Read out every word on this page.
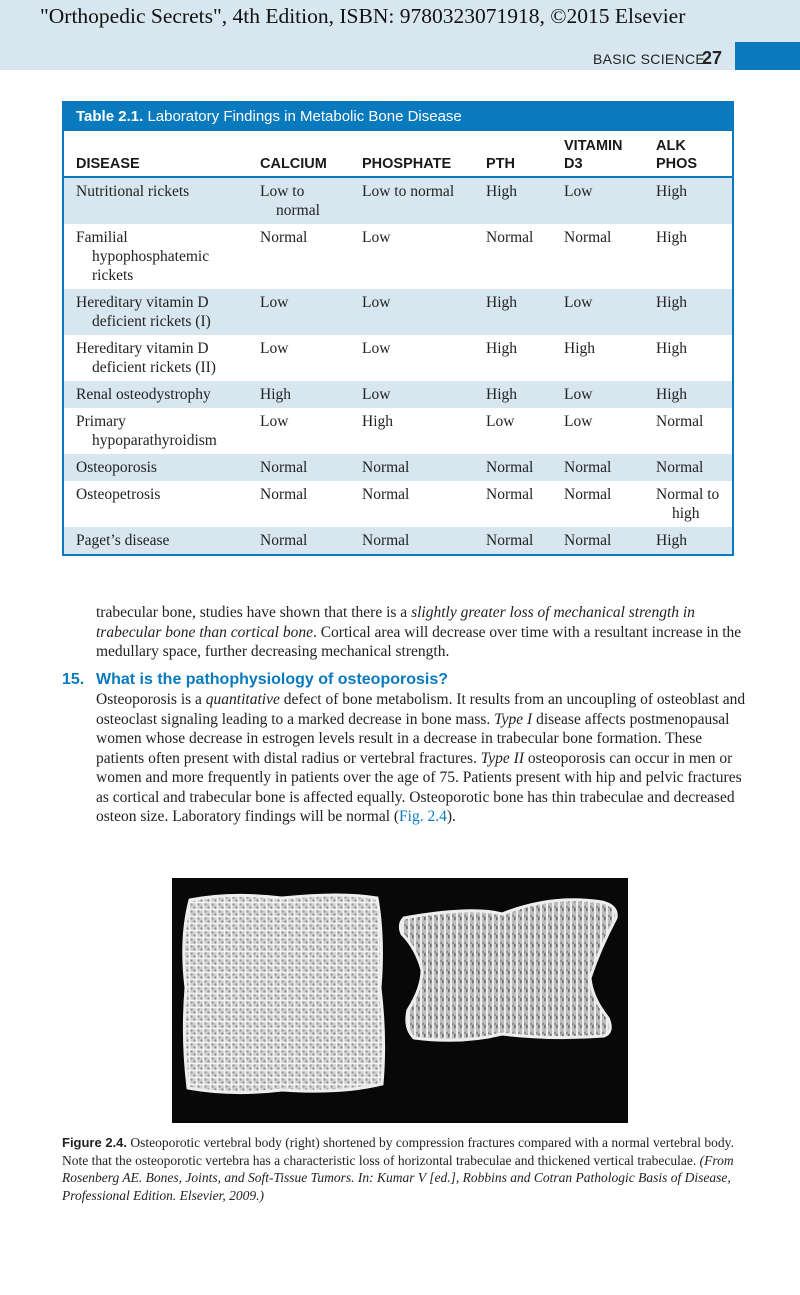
"Orthopedic Secrets", 4th Edition, ISBN: 9780323071918, ©2015 Elsevier
BASIC SCIENCE
27
Table 2.1. Laboratory Findings in Metabolic Bone Disease
DISEASE	CALCIUM	PHOSPHATE	PTH	VITAMIN D3	ALK PHOS

Nutritional rickets	Low to normal	Low to normal	High	Low	High

Familial hypophosphatemic rickets	Normal	Low	Normal	Normal	High

Hereditary vitamin D deficient rickets (I)	Low	Low	High	Low	High

Hereditary vitamin D deficient rickets (II)	Low	Low	High	High	High

Renal osteodystrophy	High	Low	High	Low	High

Primary hypoparathyroidism	Low	High	Low	Low	Normal

Osteoporosis	Normal	Normal	Normal	Normal	Normal

Osteopetrosis	Normal	Normal	Normal	Normal	Normal to high

Paget’s disease	Normal	Normal	Normal	Normal	High
trabecular bone, studies have shown that there is a slightly greater loss of mechanical strength in trabecular bone than cortical bone. Cortical area will decrease over time with a resultant increase in the medullary space, further decreasing mechanical strength.
15. What is the pathophysiology of osteoporosis?
Osteoporosis is a quantitative defect of bone metabolism. It results from an uncoupling of osteoblast and osteoclast signaling leading to a marked decrease in bone mass. Type I disease affects postmenopausal women whose decrease in estrogen levels result in a decrease in trabecular bone formation. These patients often present with distal radius or vertebral fractures. Type II osteoporosis can occur in men or women and more frequently in patients over the age of 75. Patients present with hip and pelvic fractures as cortical and trabecular bone is affected equally. Osteoporotic bone has thin trabeculae and decreased osteon size. Laboratory findings will be normal (Fig. 2.4).
Figure 2.4. Osteoporotic vertebral body (right) shortened by compression fractures compared with a normal vertebral body. Note that the osteoporotic vertebra has a characteristic loss of horizontal trabeculae and thickened vertical trabeculae. (From Rosenberg AE. Bones, Joints, and Soft-Tissue Tumors. In: Kumar V [ed.], Robbins and Cotran Pathologic Basis of Disease, Professional Edition. Elsevier, 2009.)
